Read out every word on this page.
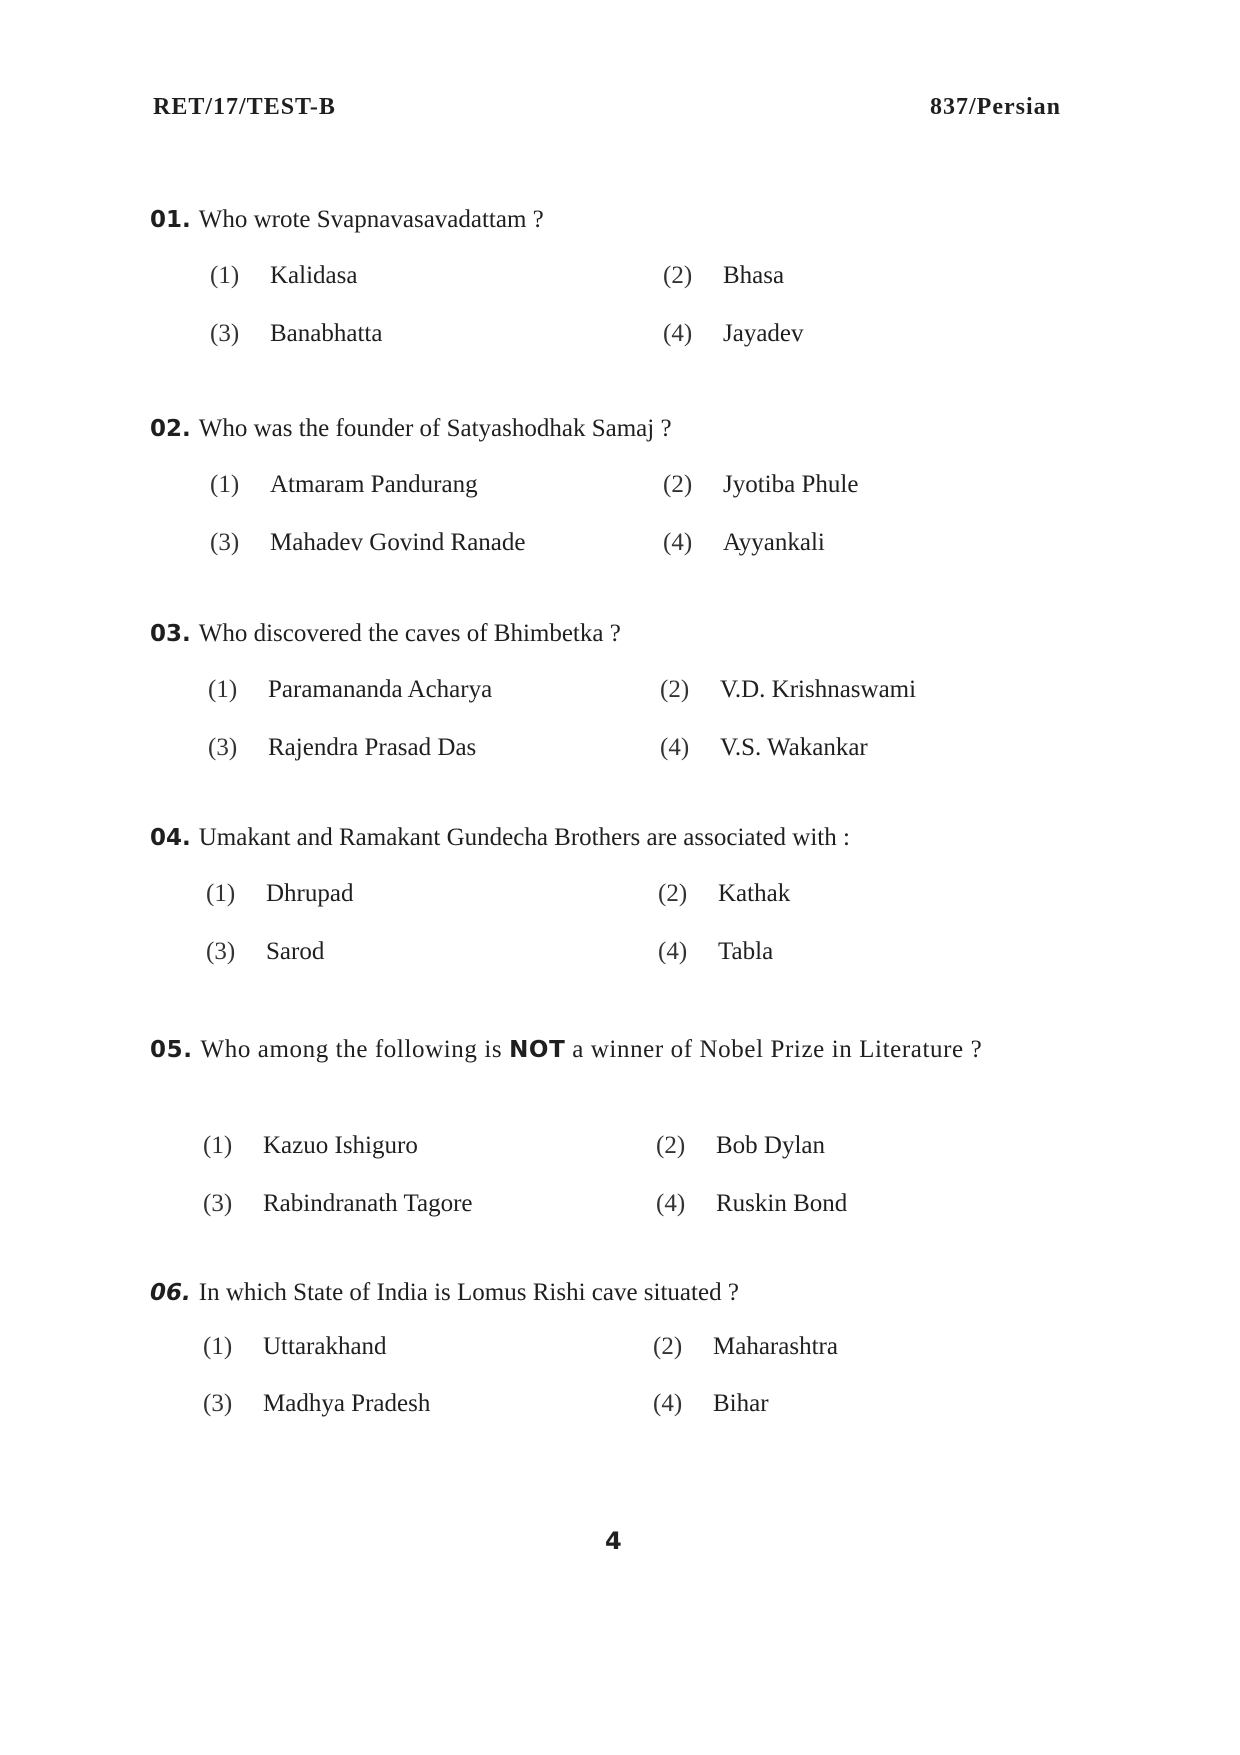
RET/17/TEST-B	837/Persian
01. Who wrote Svapnavasavadattam ?
(1) Kalidasa	(2) Bhasa
(3) Banabhatta	(4) Jayadev
02. Who was the founder of Satyashodhak Samaj ?
(1) Atmaram Pandurang	(2) Jyotiba Phule
(3) Mahadev Govind Ranade	(4) Ayyankali
03. Who discovered the caves of Bhimbetka ?
(1) Paramananda Acharya	(2) V.D. Krishnaswami
(3) Rajendra Prasad Das	(4) V.S. Wakankar
04. Umakant and Ramakant Gundecha Brothers are associated with :
(1) Dhrupad	(2) Kathak
(3) Sarod	(4) Tabla
05. Who among the following is NOT a winner of Nobel Prize in Literature ?
(1) Kazuo Ishiguro	(2) Bob Dylan
(3) Rabindranath Tagore	(4) Ruskin Bond
06. In which State of India is Lomus Rishi cave situated ?
(1) Uttarakhand	(2) Maharashtra
(3) Madhya Pradesh	(4) Bihar
4
